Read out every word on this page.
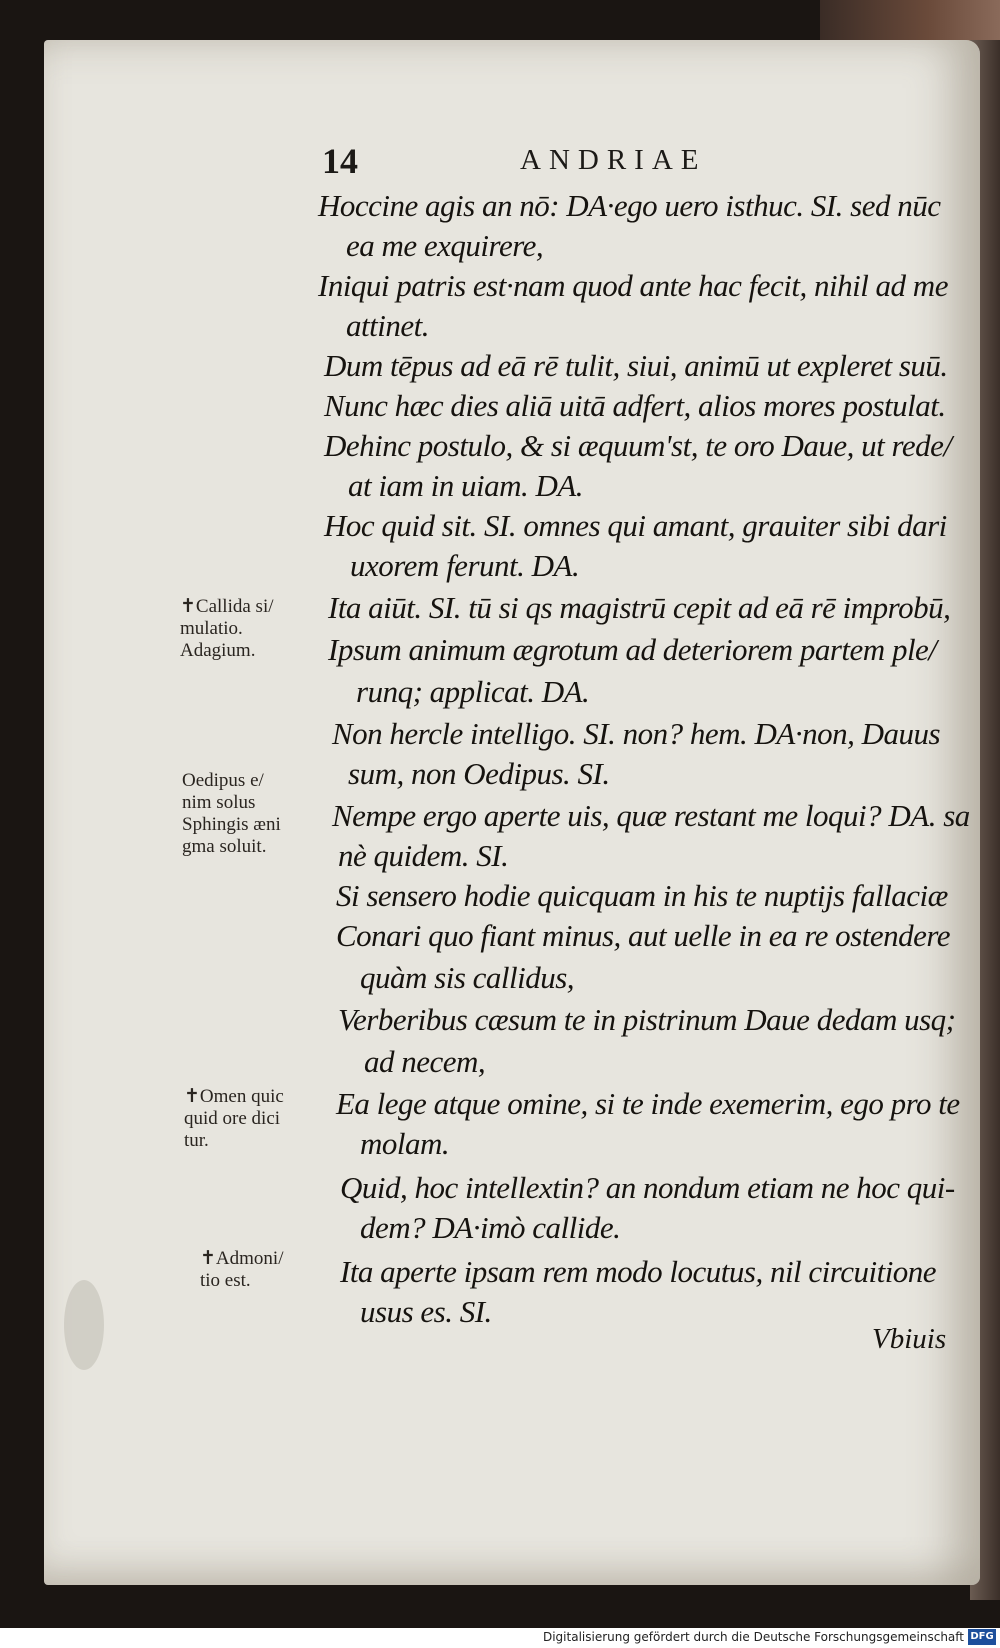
14	ANDRIAE
Hoccine agis an nō: DA·ego uero isthuc. SI. sed nūc
ea me exquirere,
Iniqui patris est·nam quod ante hac fecit, nihil ad me
attinet.
Dum tēpus ad eā rē tulit, siui, animū ut expleret suū.
Nunc hæc dies aliā uitā adfert, alios mores postulat.
Dehinc postulo, & si æquum'st, te oro Daue, ut rede/
at iam in uiam. DA.
Hoc quid sit. SI. omnes qui amant, grauiter sibi dari
uxorem ferunt. DA.
Ita aiūt. SI. tū si qs magistrū cepit ad eā rē improbū,
Ipsum animum ægrotum ad deteriorem partem ple/
runq; applicat. DA.
Non hercle intelligo. SI. non? hem. DA·non, Dauus
sum, non Oedipus. SI.
Nempe ergo aperte uis, quæ restant me loqui? DA. sa
nè quidem. SI.
Si sensero hodie quicquam in his te nuptijs fallaciæ
Conari quo fiant minus, aut uelle in ea re ostendere
quàm sis callidus,
Verberibus cæsum te in pistrinum Daue dedam usq;
ad necem,
Ea lege atque omine, si te inde exemerim, ego pro te
molam.
Quid, hoc intellextin? an nondum etiam ne hoc qui-
dem? DA·imò callide.
Ita aperte ipsam rem modo locutus, nil circuitione
usus es. SI.
✝Callida si/
mulatio.
Adagium.
Oedipus e/
nim solus
Sphingis æni
gma soluit.
✝Omen quic
quid ore dici
tur.
✝Admoni/
tio est.
Vbiuis
Digitalisierung gefördert durch die Deutsche Forschungsgemeinschaft DFG
